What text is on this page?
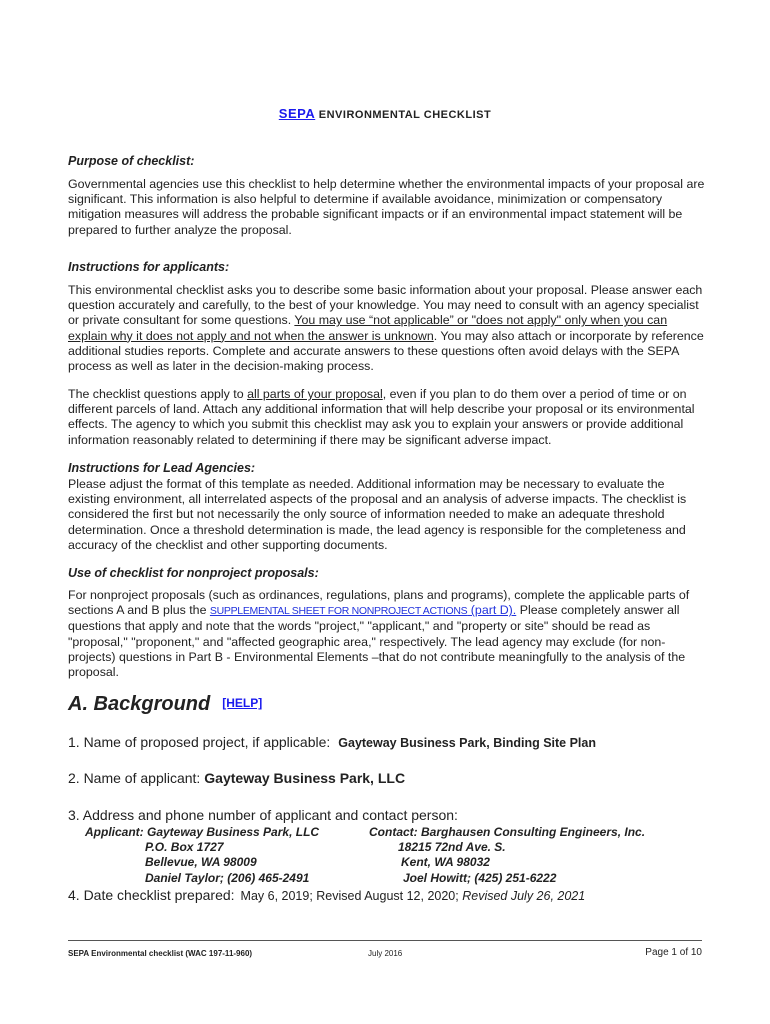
SEPA ENVIRONMENTAL CHECKLIST
Purpose of checklist:
Governmental agencies use this checklist to help determine whether the environmental impacts of your proposal are significant. This information is also helpful to determine if available avoidance, minimization or compensatory mitigation measures will address the probable significant impacts or if an environmental impact statement will be prepared to further analyze the proposal.
Instructions for applicants:
This environmental checklist asks you to describe some basic information about your proposal. Please answer each question accurately and carefully, to the best of your knowledge. You may need to consult with an agency specialist or private consultant for some questions. You may use “not applicable” or "does not apply" only when you can explain why it does not apply and not when the answer is unknown. You may also attach or incorporate by reference additional studies reports. Complete and accurate answers to these questions often avoid delays with the SEPA process as well as later in the decision-making process.
The checklist questions apply to all parts of your proposal, even if you plan to do them over a period of time or on different parcels of land. Attach any additional information that will help describe your proposal or its environmental effects. The agency to which you submit this checklist may ask you to explain your answers or provide additional information reasonably related to determining if there may be significant adverse impact.
Instructions for Lead Agencies:
Please adjust the format of this template as needed. Additional information may be necessary to evaluate the existing environment, all interrelated aspects of the proposal and an analysis of adverse impacts. The checklist is considered the first but not necessarily the only source of information needed to make an adequate threshold determination. Once a threshold determination is made, the lead agency is responsible for the completeness and accuracy of the checklist and other supporting documents.
Use of checklist for nonproject proposals:
For nonproject proposals (such as ordinances, regulations, plans and programs), complete the applicable parts of sections A and B plus the SUPPLEMENTAL SHEET FOR NONPROJECT ACTIONS (part D). Please completely answer all questions that apply and note that the words "project," "applicant," and "property or site" should be read as "proposal," "proponent," and "affected geographic area," respectively. The lead agency may exclude (for non-projects) questions in Part B - Environmental Elements –that do not contribute meaningfully to the analysis of the proposal.
A. Background [HELP]
1. Name of proposed project, if applicable: Gayteway Business Park, Binding Site Plan
2. Name of applicant: Gayteway Business Park, LLC
3. Address and phone number of applicant and contact person:
Applicant: Gayteway Business Park, LLC
P.O. Box 1727
Bellevue, WA 98009
Daniel Taylor; (206) 465-2491
Contact: Barghausen Consulting Engineers, Inc.
18215 72nd Ave. S.
Kent, WA 98032
Joel Howitt; (425) 251-6222
4. Date checklist prepared: May 6, 2019; Revised August 12, 2020; Revised July 26, 2021
SEPA Environmental checklist (WAC 197-11-960)	July 2016	Page 1 of 10
